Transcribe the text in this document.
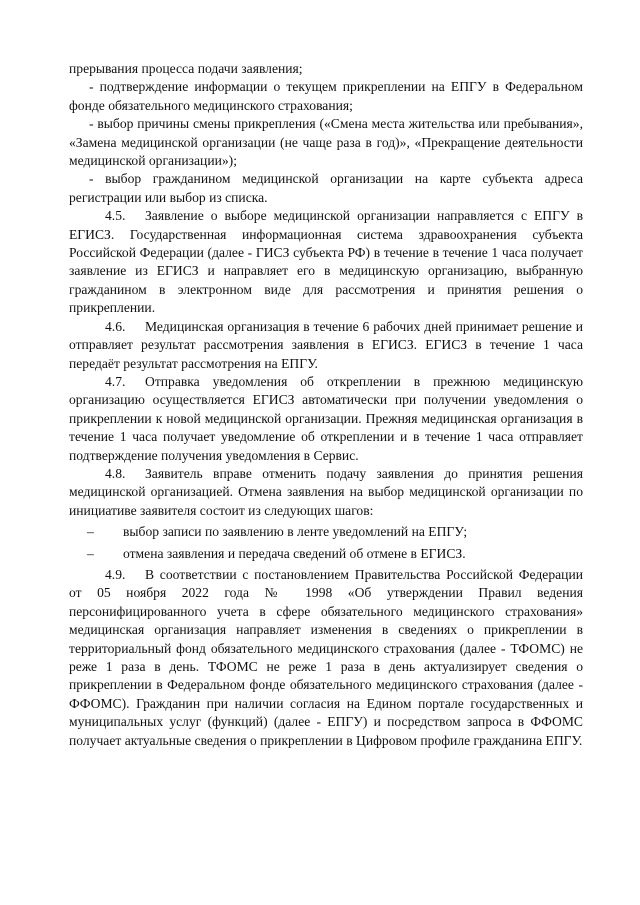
прерывания процесса подачи заявления;

- подтверждение информации о текущем прикреплении на ЕПГУ в Федеральном фонде обязательного медицинского страхования;

- выбор причины смены прикрепления («Смена места жительства или пребывания», «Замена медицинской организации (не чаще раза в год)», «Прекращение деятельности медицинской организации»);

- выбор гражданином медицинской организации на карте субъекта адреса регистрации или выбор из списка.

4.5. Заявление о выборе медицинской организации направляется с ЕПГУ в ЕГИСЗ. Государственная информационная система здравоохранения субъекта Российской Федерации (далее - ГИСЗ субъекта РФ) в течение в течение 1 часа получает заявление из ЕГИСЗ и направляет его в медицинскую организацию, выбранную гражданином в электронном виде для рассмотрения и принятия решения о прикреплении.

4.6. Медицинская организация в течение 6 рабочих дней принимает решение и отправляет результат рассмотрения заявления в ЕГИСЗ. ЕГИСЗ в течение 1 часа передаёт результат рассмотрения на ЕПГУ.

4.7. Отправка уведомления об откреплении в прежнюю медицинскую организацию осуществляется ЕГИСЗ автоматически при получении уведомления о прикреплении к новой медицинской организации. Прежняя медицинская организация в течение 1 часа получает уведомление об откреплении и в течение 1 часа отправляет подтверждение получения уведомления в Сервис.

4.8. Заявитель вправе отменить подачу заявления до принятия решения медицинской организацией. Отмена заявления на выбор медицинской организации по инициативе заявителя состоит из следующих шагов:

–	выбор записи по заявлению в ленте уведомлений на ЕПГУ;
–	отмена заявления и передача сведений об отмене в ЕГИСЗ.

4.9. В соответствии с постановлением Правительства Российской Федерации от 05 ноября 2022 года № 1998 «Об утверждении Правил ведения персонифицированного учета в сфере обязательного медицинского страхования» медицинская организация направляет изменения в сведениях о прикреплении в территориальный фонд обязательного медицинского страхования (далее - ТФОМС) не реже 1 раза в день. ТФОМС не реже 1 раза в день актуализирует сведения о прикреплении в Федеральном фонде обязательного медицинского страхования (далее - ФФОМС). Гражданин при наличии согласия на Едином портале государственных и муниципальных услуг (функций) (далее - ЕПГУ) и посредством запроса в ФФОМС получает актуальные сведения о прикреплении в Цифровом профиле гражданина ЕПГУ.
